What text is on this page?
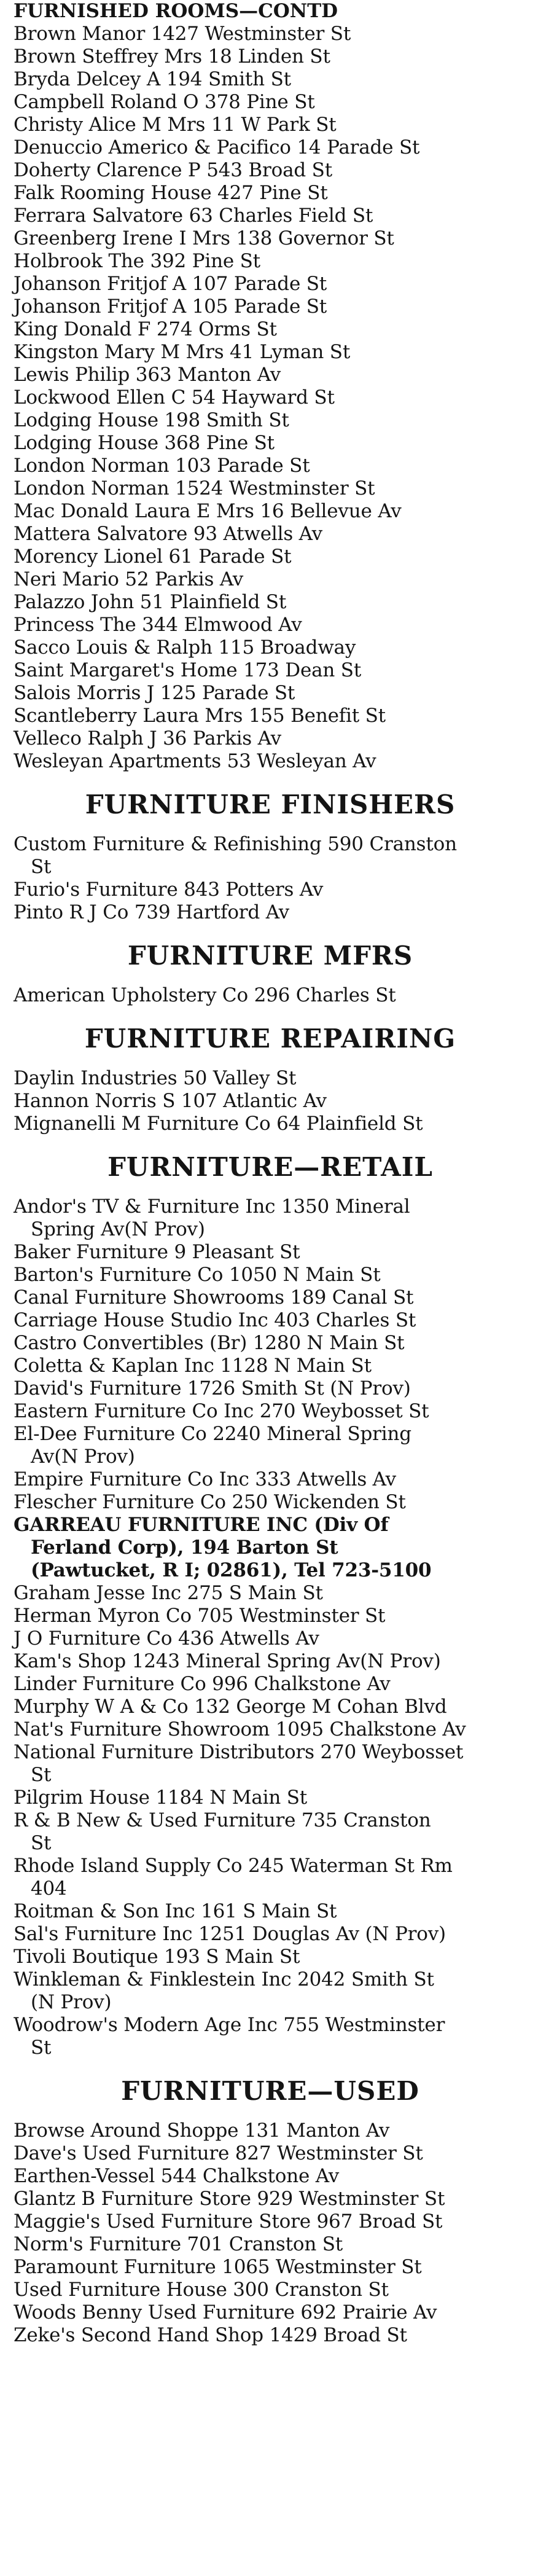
FURNISHED ROOMS—CONTD
Brown Manor 1427 Westminster St
Brown Steffrey Mrs 18 Linden St
Bryda Delcey A 194 Smith St
Campbell Roland O 378 Pine St
Christy Alice M Mrs 11 W Park St
Denuccio Americo & Pacifico 14 Parade St
Doherty Clarence P 543 Broad St
Falk Rooming House 427 Pine St
Ferrara Salvatore 63 Charles Field St
Greenberg Irene I Mrs 138 Governor St
Holbrook The 392 Pine St
Johanson Fritjof A 107 Parade St
Johanson Fritjof A 105 Parade St
King Donald F 274 Orms St
Kingston Mary M Mrs 41 Lyman St
Lewis Philip 363 Manton Av
Lockwood Ellen C 54 Hayward St
Lodging House 198 Smith St
Lodging House 368 Pine St
London Norman 103 Parade St
London Norman 1524 Westminster St
Mac Donald Laura E Mrs 16 Bellevue Av
Mattera Salvatore 93 Atwells Av
Morency Lionel 61 Parade St
Neri Mario 52 Parkis Av
Palazzo John 51 Plainfield St
Princess The 344 Elmwood Av
Sacco Louis & Ralph 115 Broadway
Saint Margaret's Home 173 Dean St
Salois Morris J 125 Parade St
Scantleberry Laura Mrs 155 Benefit St
Velleco Ralph J 36 Parkis Av
Wesleyan Apartments 53 Wesleyan Av
FURNITURE FINISHERS
Custom Furniture & Refinishing 590 Cranston
St
Furio's Furniture 843 Potters Av
Pinto R J Co 739 Hartford Av
FURNITURE MFRS
American Upholstery Co 296 Charles St
FURNITURE REPAIRING
Daylin Industries 50 Valley St
Hannon Norris S 107 Atlantic Av
Mignanelli M Furniture Co 64 Plainfield St
FURNITURE—RETAIL
Andor's TV & Furniture Inc 1350 Mineral
Spring Av(N Prov)
Baker Furniture 9 Pleasant St
Barton's Furniture Co 1050 N Main St
Canal Furniture Showrooms 189 Canal St
Carriage House Studio Inc 403 Charles St
Castro Convertibles (Br) 1280 N Main St
Coletta & Kaplan Inc 1128 N Main St
David's Furniture 1726 Smith St (N Prov)
Eastern Furniture Co Inc 270 Weybosset St
El-Dee Furniture Co 2240 Mineral Spring
Av(N Prov)
Empire Furniture Co Inc 333 Atwells Av
Flescher Furniture Co 250 Wickenden St
GARREAU FURNITURE INC (Div Of
Ferland Corp), 194 Barton St
(Pawtucket, R I; 02861), Tel 723-5100
Graham Jesse Inc 275 S Main St
Herman Myron Co 705 Westminster St
J O Furniture Co 436 Atwells Av
Kam's Shop 1243 Mineral Spring Av(N Prov)
Linder Furniture Co 996 Chalkstone Av
Murphy W A & Co 132 George M Cohan Blvd
Nat's Furniture Showroom 1095 Chalkstone Av
National Furniture Distributors 270 Weybosset
St
Pilgrim House 1184 N Main St
R & B New & Used Furniture 735 Cranston
St
Rhode Island Supply Co 245 Waterman St Rm
404
Roitman & Son Inc 161 S Main St
Sal's Furniture Inc 1251 Douglas Av (N Prov)
Tivoli Boutique 193 S Main St
Winkleman & Finklestein Inc 2042 Smith St
(N Prov)
Woodrow's Modern Age Inc 755 Westminster
St
FURNITURE—USED
Browse Around Shoppe 131 Manton Av
Dave's Used Furniture 827 Westminster St
Earthen-Vessel 544 Chalkstone Av
Glantz B Furniture Store 929 Westminster St
Maggie's Used Furniture Store 967 Broad St
Norm's Furniture 701 Cranston St
Paramount Furniture 1065 Westminster St
Used Furniture House 300 Cranston St
Woods Benny Used Furniture 692 Prairie Av
Zeke's Second Hand Shop 1429 Broad St
